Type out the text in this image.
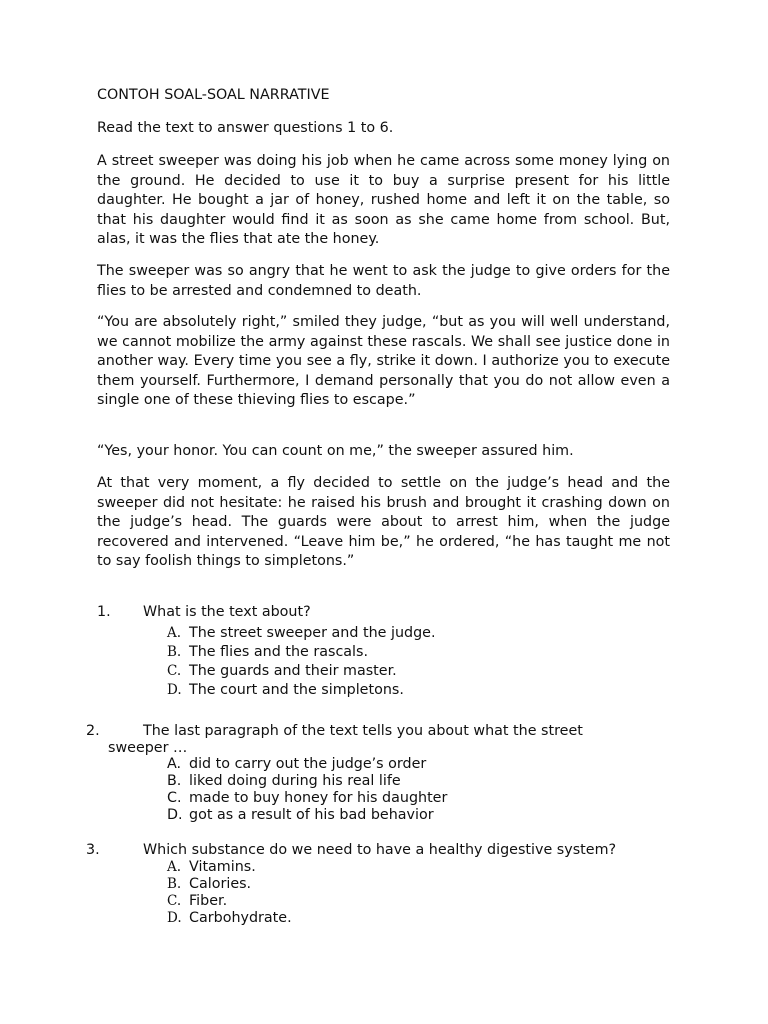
CONTOH SOAL-SOAL NARRATIVE
Read the text to answer questions 1 to 6.

A street sweeper was doing his job when he came across some money lying on the ground. He decided to use it to buy a surprise present for his little daughter. He bought a jar of honey, rushed home and left it on the table, so that his daughter would find it as soon as she came home from school. But, alas, it was the flies that ate the honey.

The sweeper was so angry that he went to ask the judge to give orders for the flies to be arrested and condemned to death.

“You are absolutely right,” smiled they judge, “but as you will well understand, we cannot mobilize the army against these rascals. We shall see justice done in another way. Every time you see a fly, strike it down. I authorize you to execute them yourself. Furthermore, I demand personally that you do not allow even a single one of these thieving flies to escape.”

“Yes, your honor. You can count on me,” the sweeper assured him.

At that very moment, a fly decided to settle on the judge’s head and the sweeper did not hesitate: he raised his brush and brought it crashing down on the judge’s head. The guards were about to arrest him, when the judge recovered and intervened. “Leave him be,” he ordered, “he has taught me not to say foolish things to simpletons.”

1. What is the text about?
A. The street sweeper and the judge.
B. The flies and the rascals.
C. The guards and their master.
D. The court and the simpletons.
2.	The last paragraph of the text tells you about what the street
sweeper …
A. did to carry out the judge’s order
B. liked doing during his real life
C. made to buy honey for his daughter
D. got as a result of his bad behavior
3.	Which substance do we need to have a healthy digestive system?
A. Vitamins.
B. Calories.
C. Fiber.
D. Carbohydrate.
